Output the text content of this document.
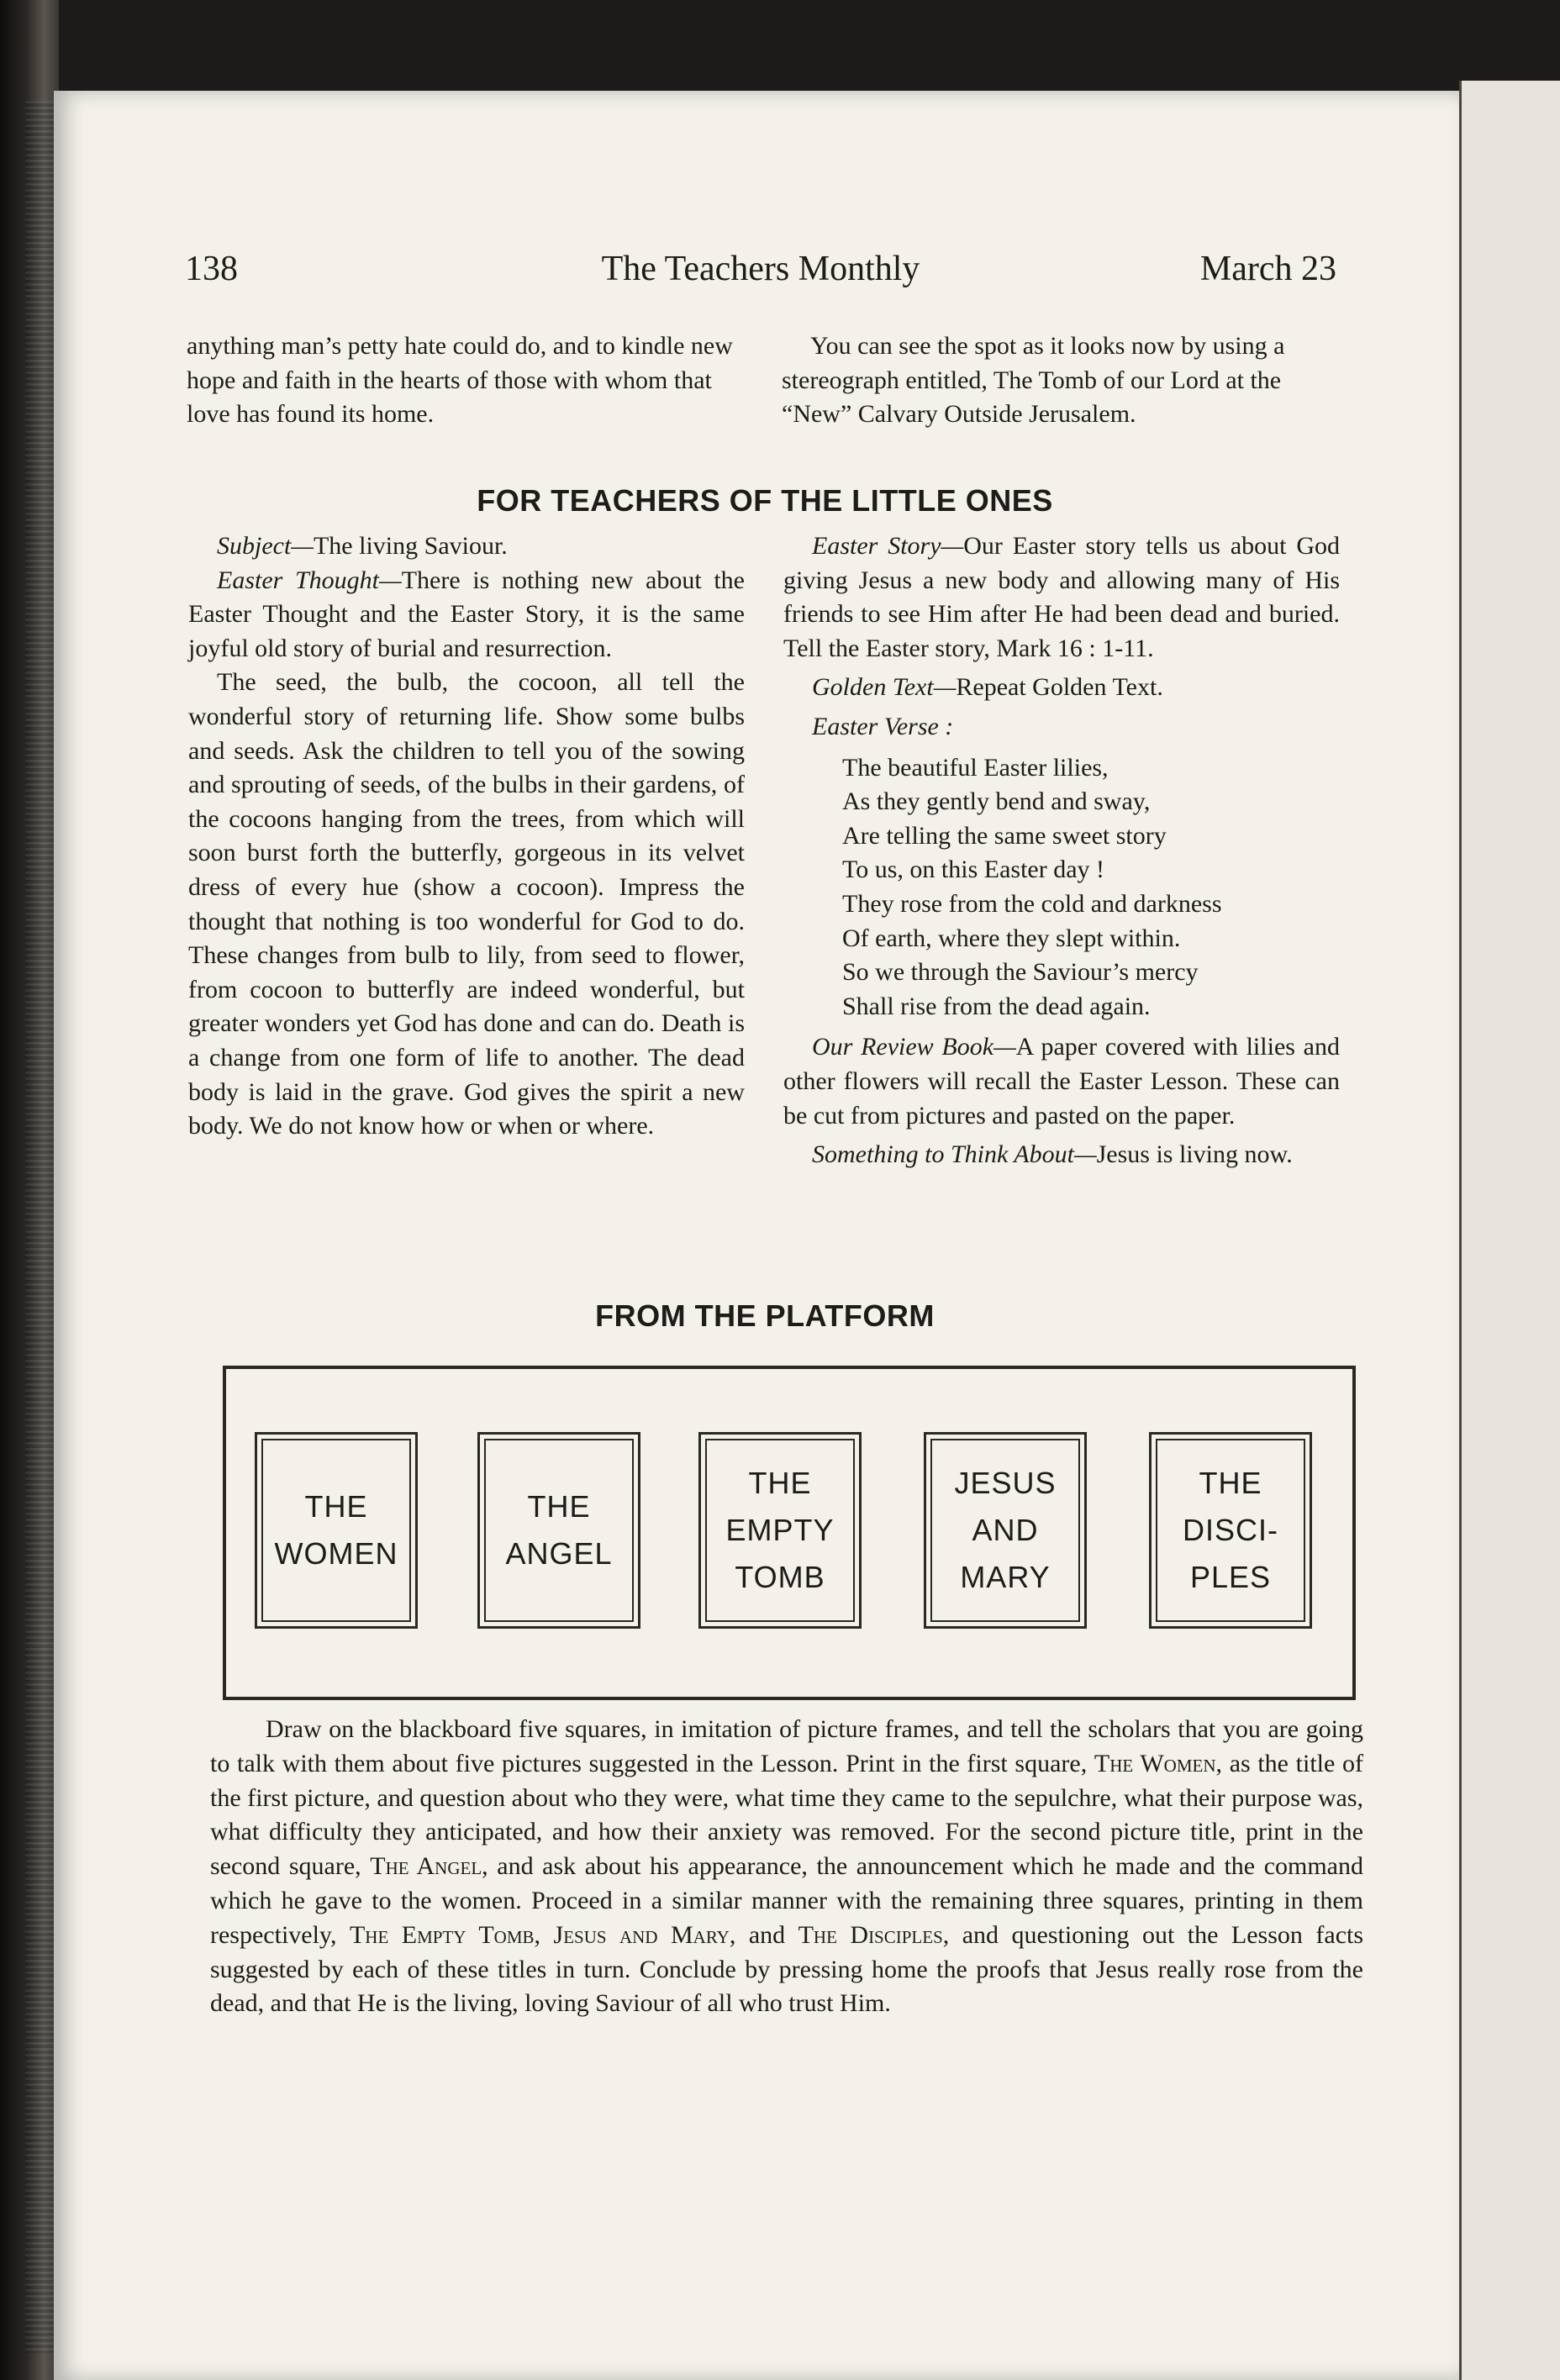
138	The Teachers Monthly	March 23

anything man’s petty hate could do, and to kindle new hope and faith in the hearts of those with whom that love has found its home.

You can see the spot as it looks now by using a stereograph entitled, The Tomb of our Lord at the “New” Calvary Outside Jerusalem.

FOR TEACHERS OF THE LITTLE ONES

Subject—The living Saviour.

Easter Thought—There is nothing new about the Easter Thought and the Easter Story, it is the same joyful old story of burial and resurrection.

The seed, the bulb, the cocoon, all tell the wonderful story of returning life. Show some bulbs and seeds. Ask the children to tell you of the sowing and sprouting of seeds, of the bulbs in their gardens, of the cocoons hanging from the trees, from which will soon burst forth the butterfly, gorgeous in its velvet dress of every hue (show a cocoon). Impress the thought that nothing is too wonderful for God to do. These changes from bulb to lily, from seed to flower, from cocoon to butterfly are indeed wonderful, but greater wonders yet God has done and can do. Death is a change from one form of life to another. The dead body is laid in the grave. God gives the spirit a new body. We do not know how or when or where.

Easter Story—Our Easter story tells us about God giving Jesus a new body and allowing many of His friends to see Him after He had been dead and buried. Tell the Easter story, Mark 16 : 1-11.

Golden Text—Repeat Golden Text.

Easter Verse :

The beautiful Easter lilies,
As they gently bend and sway,
Are telling the same sweet story
To us, on this Easter day !
They rose from the cold and darkness
Of earth, where they slept within.
So we through the Saviour’s mercy
Shall rise from the dead again.

Our Review Book—A paper covered with lilies and other flowers will recall the Easter Lesson. These can be cut from pictures and pasted on the paper.

Something to Think About—Jesus is living now.

FROM THE PLATFORM
THE
WOMEN
THE
ANGEL
THE
EMPTY
TOMB
JESUS
AND
MARY
THE
DISCI-
PLES
Draw on the blackboard five squares, in imitation of picture frames, and tell the scholars that you are going to talk with them about five pictures suggested in the Lesson. Print in the first square, The Women, as the title of the first picture, and question about who they were, what time they came to the sepulchre, what their purpose was, what difficulty they anticipated, and how their anxiety was removed. For the second picture title, print in the second square, The Angel, and ask about his appearance, the announcement which he made and the command which he gave to the women. Proceed in a similar manner with the remaining three squares, printing in them respectively, The Empty Tomb, Jesus and Mary, and The Disciples, and questioning out the Lesson facts suggested by each of these titles in turn. Conclude by pressing home the proofs that Jesus really rose from the dead, and that He is the living, loving Saviour of all who trust Him.
